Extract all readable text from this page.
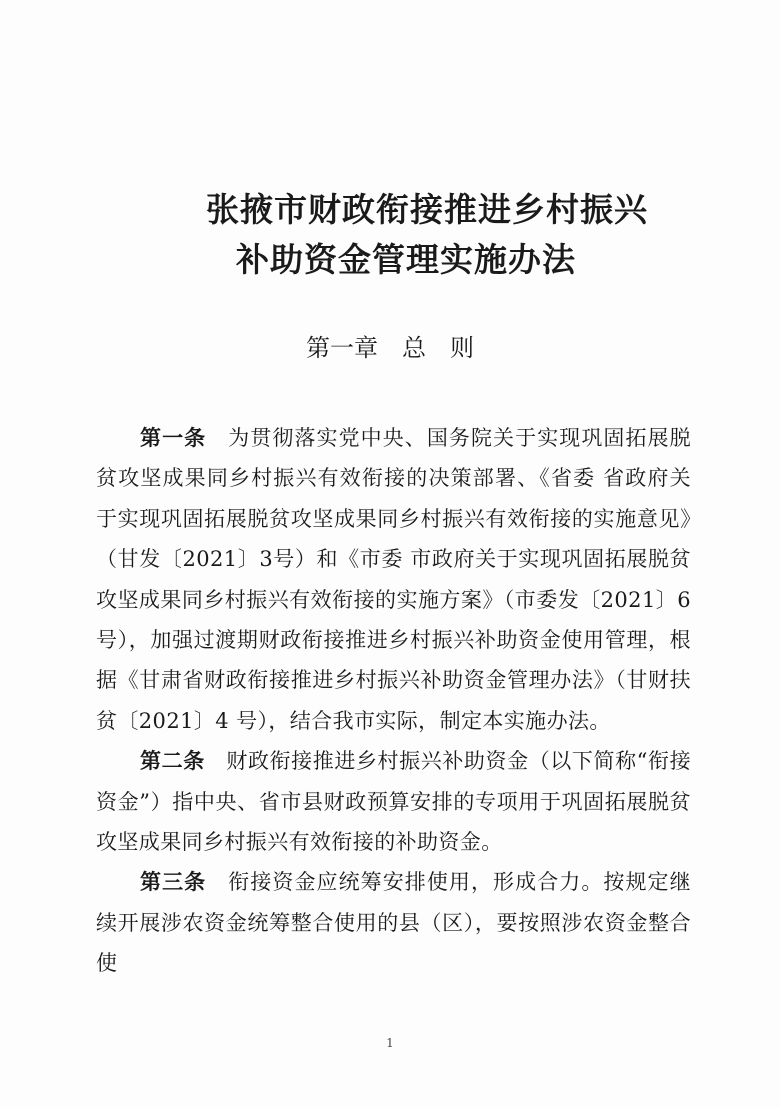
张掖市财政衔接推进乡村振兴
补助资金管理实施办法
第一章　总　则

第一条　为贯彻落实党中央、国务院关于实现巩固拓展脱贫攻坚成果同乡村振兴有效衔接的决策部署、《省委 省政府关于实现巩固拓展脱贫攻坚成果同乡村振兴有效衔接的实施意见》（甘发〔2021〕3号）和《市委 市政府关于实现巩固拓展脱贫攻坚成果同乡村振兴有效衔接的实施方案》（市委发〔2021〕6 号），加强过渡期财政衔接推进乡村振兴补助资金使用管理，根据《甘肃省财政衔接推进乡村振兴补助资金管理办法》（甘财扶贫〔2021〕4 号），结合我市实际，制定本实施办法。

第二条　财政衔接推进乡村振兴补助资金（以下简称“衔接资金”）指中央、省市县财政预算安排的专项用于巩固拓展脱贫攻坚成果同乡村振兴有效衔接的补助资金。

第三条　衔接资金应统筹安排使用，形成合力。按规定继续开展涉农资金统筹整合使用的县（区），要按照涉农资金整合使

1
